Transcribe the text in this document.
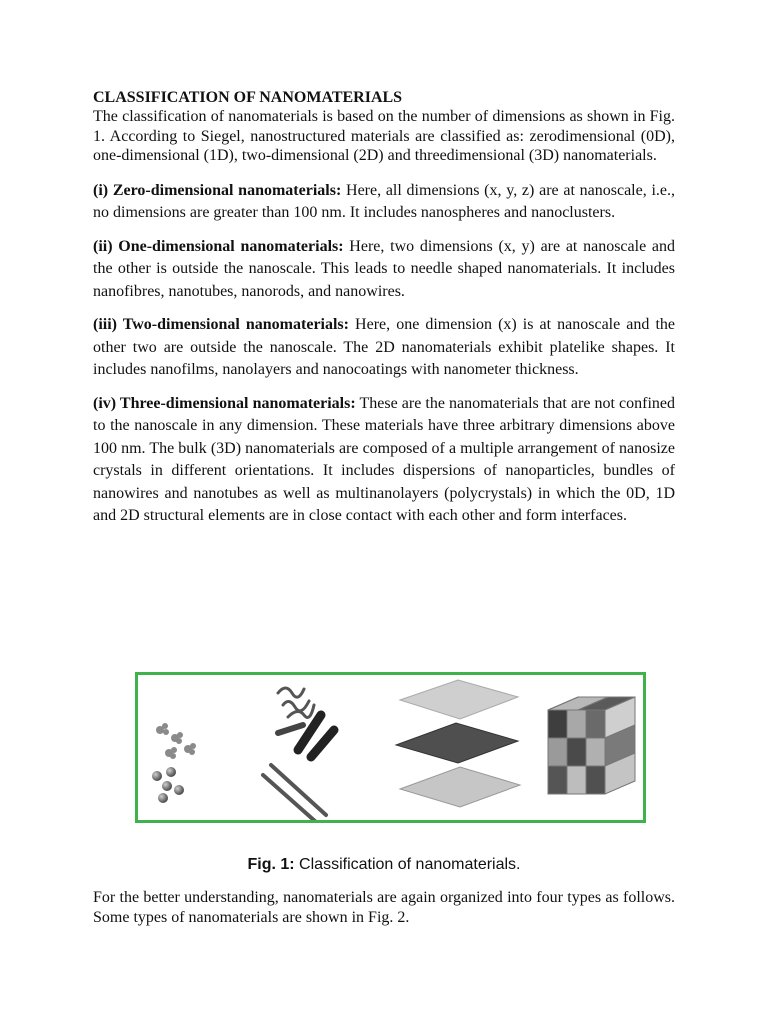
CLASSIFICATION OF NANOMATERIALS

The classification of nanomaterials is based on the number of dimensions as shown in Fig. 1. According to Siegel, nanostructured materials are classified as: zerodimensional (0D), one-dimensional (1D), two-dimensional (2D) and threedimensional (3D) nanomaterials.

(i) Zero-dimensional nanomaterials: Here, all dimensions (x, y, z) are at nanoscale, i.e., no dimensions are greater than 100 nm. It includes nanospheres and nanoclusters.

(ii) One-dimensional nanomaterials: Here, two dimensions (x, y) are at nanoscale and the other is outside the nanoscale. This leads to needle shaped nanomaterials. It includes nanofibres, nanotubes, nanorods, and nanowires.

(iii) Two-dimensional nanomaterials: Here, one dimension (x) is at nanoscale and the other two are outside the nanoscale. The 2D nanomaterials exhibit platelike shapes. It includes nanofilms, nanolayers and nanocoatings with nanometer thickness.

(iv) Three-dimensional nanomaterials: These are the nanomaterials that are not confined to the nanoscale in any dimension. These materials have three arbitrary dimensions above 100 nm. The bulk (3D) nanomaterials are composed of a multiple arrangement of nanosize crystals in different orientations. It includes dispersions of nanoparticles, bundles of nanowires and nanotubes as well as multinanolayers (polycrystals) in which the 0D, 1D and 2D structural elements are in close contact with each other and form interfaces.

Fig. 1: Classification of nanomaterials.

For the better understanding, nanomaterials are again organized into four types as follows. Some types of nanomaterials are shown in Fig. 2.
